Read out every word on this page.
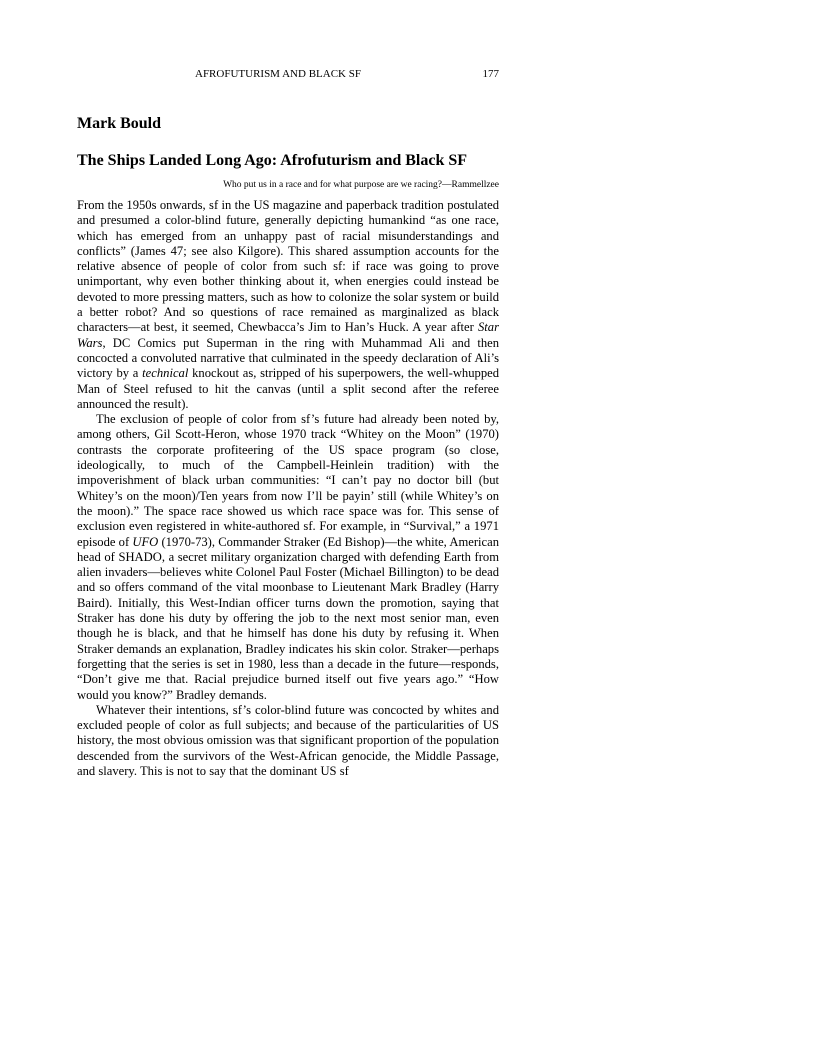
AFROFUTURISM AND BLACK SF	177
Mark Bould
The Ships Landed Long Ago: Afrofuturism and Black SF
Who put us in a race and for what purpose are we racing?—Rammellzee

From the 1950s onwards, sf in the US magazine and paperback tradition postulated and presumed a color-blind future, generally depicting humankind “as one race, which has emerged from an unhappy past of racial misunderstandings and conflicts” (James 47; see also Kilgore). This shared assumption accounts for the relative absence of people of color from such sf: if race was going to prove unimportant, why even bother thinking about it, when energies could instead be devoted to more pressing matters, such as how to colonize the solar system or build a better robot? And so questions of race remained as marginalized as black characters—at best, it seemed, Chewbacca’s Jim to Han’s Huck. A year after Star Wars, DC Comics put Superman in the ring with Muhammad Ali and then concocted a convoluted narrative that culminated in the speedy declaration of Ali’s victory by a technical knockout as, stripped of his superpowers, the well-whupped Man of Steel refused to hit the canvas (until a split second after the referee announced the result).

The exclusion of people of color from sf’s future had already been noted by, among others, Gil Scott-Heron, whose 1970 track “Whitey on the Moon” (1970) contrasts the corporate profiteering of the US space program (so close, ideologically, to much of the Campbell-Heinlein tradition) with the impoverishment of black urban communities: “I can’t pay no doctor bill (but Whitey’s on the moon)/Ten years from now I’ll be payin’ still (while Whitey’s on the moon).” The space race showed us which race space was for. This sense of exclusion even registered in white-authored sf. For example, in “Survival,” a 1971 episode of UFO (1970-73), Commander Straker (Ed Bishop)—the white, American head of SHADO, a secret military organization charged with defending Earth from alien invaders—believes white Colonel Paul Foster (Michael Billington) to be dead and so offers command of the vital moonbase to Lieutenant Mark Bradley (Harry Baird). Initially, this West-Indian officer turns down the promotion, saying that Straker has done his duty by offering the job to the next most senior man, even though he is black, and that he himself has done his duty by refusing it. When Straker demands an explanation, Bradley indicates his skin color. Straker—perhaps forgetting that the series is set in 1980, less than a decade in the future—responds, “Don’t give me that. Racial prejudice burned itself out five years ago.” “How would you know?” Bradley demands.

Whatever their intentions, sf’s color-blind future was concocted by whites and excluded people of color as full subjects; and because of the particularities of US history, the most obvious omission was that significant proportion of the population descended from the survivors of the West-African genocide, the Middle Passage, and slavery. This is not to say that the dominant US sf
